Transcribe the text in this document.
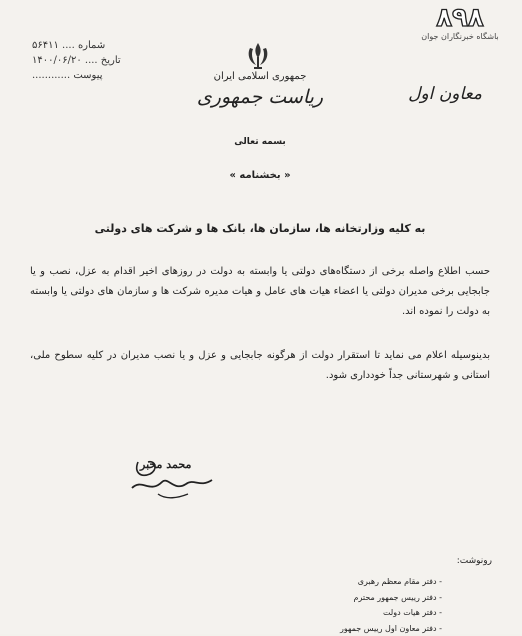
٨٩٨
باشگاه خبرنگاران جوان
شماره .... ۵۶۴۱۱
تاریخ .... ۱۴۰۰/۰۶/۲۰
پیوست ............	جمهوری اسلامی ایران
ریاست جمهوری	معاون اول
بسمه تعالی
« بخشنامه »
به کلیه وزارتخانه ها، سازمان ها، بانک ها و شرکت های دولتی
حسب اطلاع واصله برخی از دستگاه‌های دولتی یا وابسته به دولت در روزهای اخیر اقدام به عزل، نصب و یا جابجایی برخی مدیران دولتی یا اعضاء هیات های عامل و هیات مدیره شرکت ها و سازمان های دولتی یا وابسته به دولت را نموده اند.
بدینوسیله اعلام می نماید تا استقرار دولت از هرگونه جابجایی و عزل و یا نصب مدیران در کلیه سطوح ملی، استانی و شهرستانی جداً خودداری شود.
محمد مخبر
رونوشت:
- دفتر مقام معظم رهبری
- دفتر رییس جمهور محترم
- دفتر هیات دولت
- دفتر معاون اول رییس جمهور
